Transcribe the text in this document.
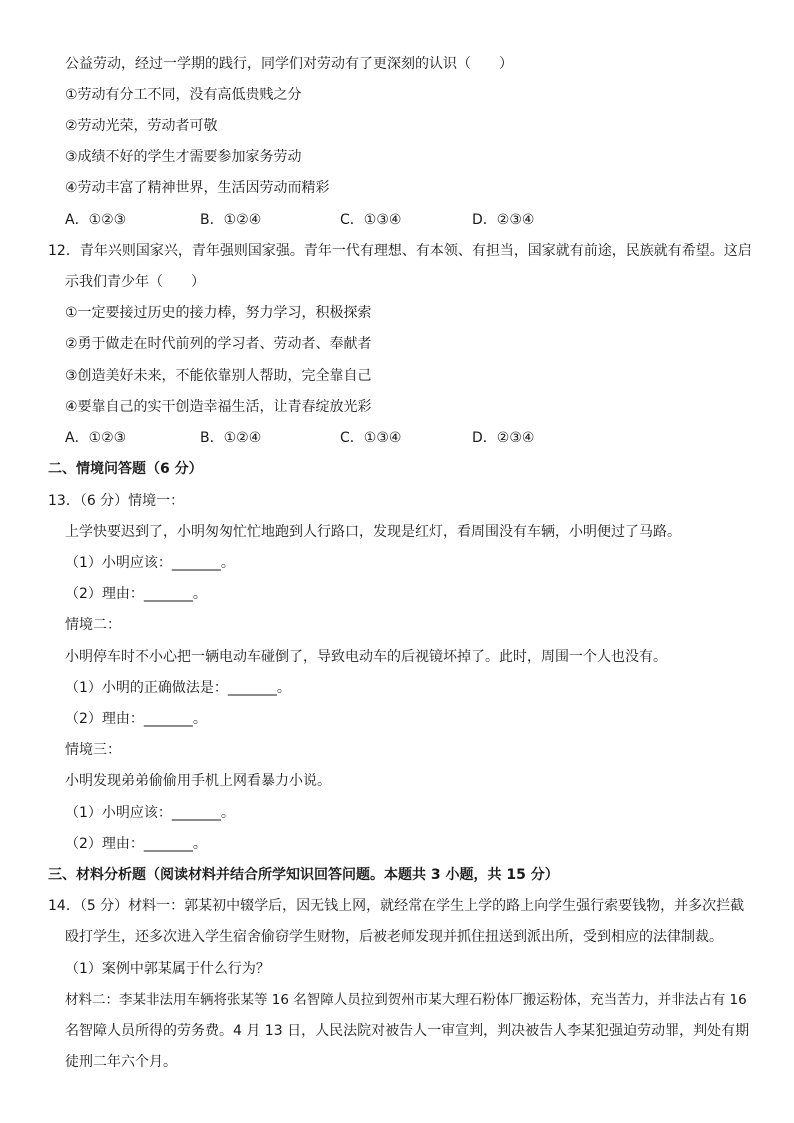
公益劳动，经过一学期的践行，同学们对劳动有了更深刻的认识（　　）
①劳动有分工不同，没有高低贵贱之分
②劳动光荣，劳动者可敬
③成绩不好的学生才需要参加家务劳动
④劳动丰富了精神世界，生活因劳动而精彩
A．①②③	B．①②④	C．①③④	D．②③④
12．青年兴则国家兴，青年强则国家强。青年一代有理想、有本领、有担当，国家就有前途，民族就有希望。这启
示我们青少年（　　）
①一定要接过历史的接力棒，努力学习，积极探索
②勇于做走在时代前列的学习者、劳动者、奉献者
③创造美好未来，不能依靠别人帮助，完全靠自己
④要靠自己的实干创造幸福生活，让青春绽放光彩
A．①②③	B．①②④	C．①③④	D．②③④
二、情境问答题（6 分）
13．（6 分）情境一：
上学快要迟到了，小明匆匆忙忙地跑到人行路口，发现是红灯，看周围没有车辆，小明便过了马路。
（1）小明应该：_______。
（2）理由：_______。
情境二：
小明停车时不小心把一辆电动车碰倒了，导致电动车的后视镜坏掉了。此时，周围一个人也没有。
（1）小明的正确做法是：_______。
（2）理由：_______。
情境三：
小明发现弟弟偷偷用手机上网看暴力小说。
（1）小明应该：_______。
（2）理由：_______。
三、材料分析题（阅读材料并结合所学知识回答问题。本题共 3 小题，共 15 分）
14．（5 分）材料一：郭某初中辍学后，因无钱上网，就经常在学生上学的路上向学生强行索要钱物，并多次拦截
殴打学生，还多次进入学生宿舍偷窃学生财物，后被老师发现并抓住扭送到派出所，受到相应的法律制裁。
（1）案例中郭某属于什么行为？
材料二：李某非法用车辆将张某等 16 名智障人员拉到贺州市某大理石粉体厂搬运粉体，充当苦力，并非法占有 16
名智障人员所得的劳务费。4 月 13 日，人民法院对被告人一审宣判，判决被告人李某犯强迫劳动罪，判处有期
徒刑二年六个月。
